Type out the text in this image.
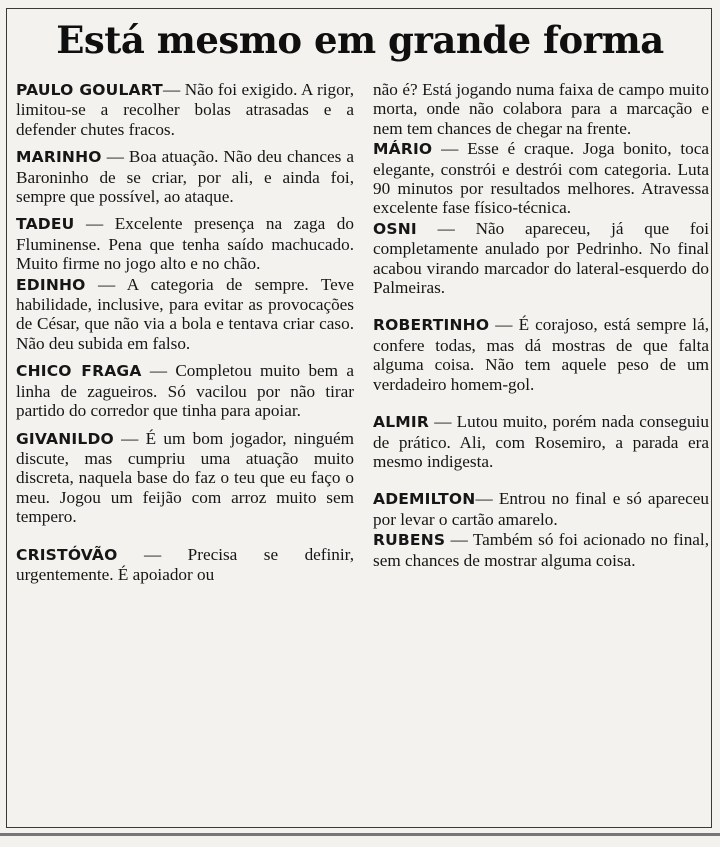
Está mesmo em grande forma

PAULO GOULART— Não foi exigido. A rigor, limitou-se a recolher bolas atrasadas e a defender chutes fracos.

MARINHO — Boa atuação. Não deu chances a Baroninho de se criar, por ali, e ainda foi, sempre que possível, ao ataque.

TADEU — Excelente presença na zaga do Fluminense. Pena que tenha saído machucado. Muito firme no jogo alto e no chão.

EDINHO — A categoria de sempre. Teve habilidade, inclusive, para evitar as provocações de César, que não via a bola e tentava criar caso. Não deu subida em falso.

CHICO FRAGA — Completou muito bem a linha de zagueiros. Só vacilou por não tirar partido do corredor que tinha para apoiar.

GIVANILDO — É um bom jogador, ninguém discute, mas cumpriu uma atuação muito discreta, naquela base do faz o teu que eu faço o meu. Jogou um feijão com arroz muito sem tempero.

CRISTÓVÃO — Precisa se definir, urgentemente. É apoiador ou

não é? Está jogando numa faixa de campo muito morta, onde não colabora para a marcação e nem tem chances de chegar na frente.

MÁRIO — Esse é craque. Joga bonito, toca elegante, constrói e destrói com categoria. Luta 90 minutos por resultados melhores. Atravessa excelente fase físico-técnica.

OSNI — Não apareceu, já que foi completamente anulado por Pedrinho. No final acabou virando marcador do lateral-esquerdo do Palmeiras.

ROBERTINHO — É corajoso, está sempre lá, confere todas, mas dá mostras de que falta alguma coisa. Não tem aquele peso de um verdadeiro homem-gol.

ALMIR — Lutou muito, porém nada conseguiu de prático. Ali, com Rosemiro, a parada era mesmo indigesta.

ADEMILTON— Entrou no final e só apareceu por levar o cartão amarelo.

RUBENS — Também só foi acionado no final, sem chances de mostrar alguma coisa.
